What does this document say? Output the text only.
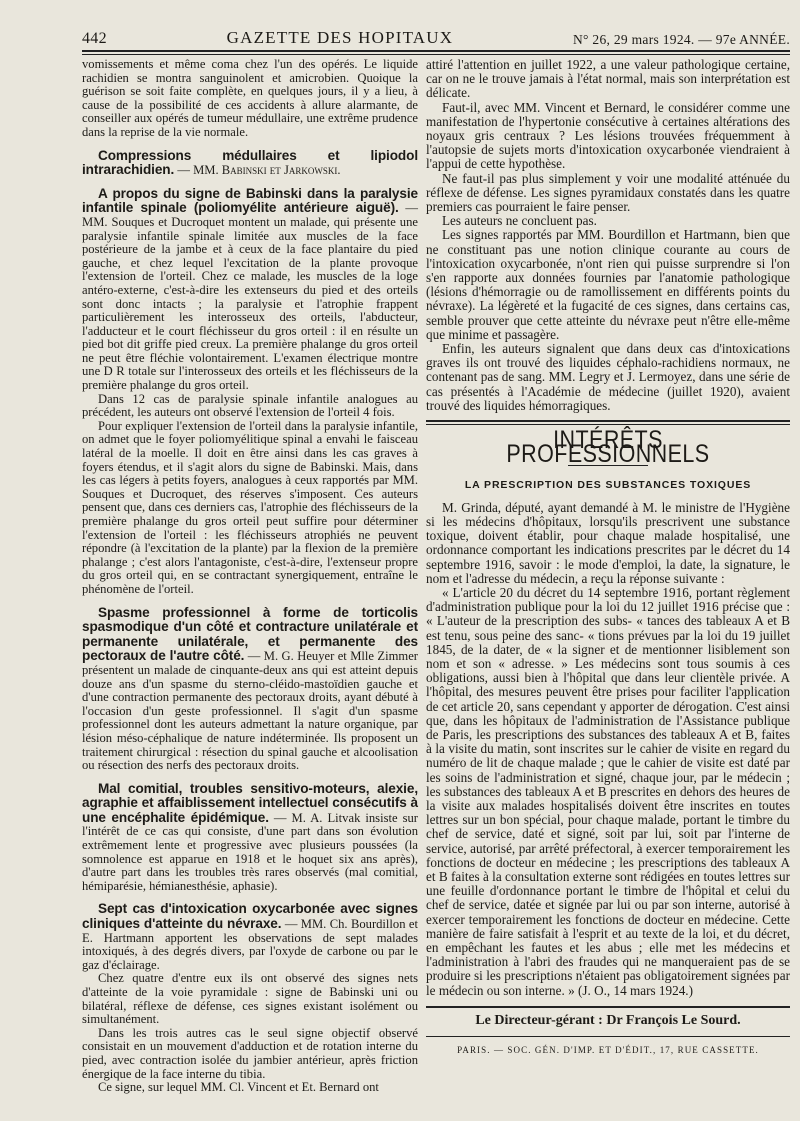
442	GAZETTE DES HOPITAUX	N° 26, 29 mars 1924. — 97e ANNÉE.

vomissements et même coma chez l'un des opérés. Le liquide rachidien se montra sanguinolent et amicrobien. Quoique la guérison se soit faite complète, en quelques jours, il y a lieu, à cause de la possibilité de ces accidents à allure alarmante, de conseiller aux opérés de tumeur médullaire, une extrême prudence dans la reprise de la vie normale.

Compressions médullaires et lipiodol intrarachidien. — MM. Babinski et Jarkowski.

A propos du signe de Babinski dans la paralysie infantile spinale (poliomyélite antérieure aiguë). — MM. Souques et Ducroquet montent un malade, qui présente une paralysie infantile spinale limitée aux muscles de la face postérieure de la jambe et à ceux de la face plantaire du pied gauche, et chez lequel l'excitation de la plante provoque l'extension de l'orteil. Chez ce malade, les muscles de la loge antéro-externe, c'est-à-dire les extenseurs du pied et des orteils sont donc intacts ; la paralysie et l'atrophie frappent particulièrement les interosseux des orteils, l'abducteur, l'adducteur et le court fléchisseur du gros orteil : il en résulte un pied bot dit griffe pied creux. La première phalange du gros orteil ne peut être fléchie volontairement. L'examen électrique montre une D R totale sur l'interosseux des orteils et les fléchisseurs de la première phalange du gros orteil.

Dans 12 cas de paralysie spinale infantile analogues au précédent, les auteurs ont observé l'extension de l'orteil 4 fois.

Pour expliquer l'extension de l'orteil dans la paralysie infantile, on admet que le foyer poliomyélitique spinal a envahi le faisceau latéral de la moelle. Il doit en être ainsi dans les cas graves à foyers étendus, et il s'agit alors du signe de Babinski. Mais, dans les cas légers à petits foyers, analogues à ceux rapportés par MM. Souques et Ducroquet, des réserves s'imposent. Ces auteurs pensent que, dans ces derniers cas, l'atrophie des fléchisseurs de la première phalange du gros orteil peut suffire pour déterminer l'extension de l'orteil : les fléchisseurs atrophiés ne peuvent répondre (à l'excitation de la plante) par la flexion de la première phalange ; c'est alors l'antagoniste, c'est-à-dire, l'extenseur propre du gros orteil qui, en se contractant synergiquement, entraîne le phénomène de l'orteil.

Spasme professionnel à forme de torticolis spasmodique d'un côté et contracture unilatérale et permanente unilatérale, et permanente des pectoraux de l'autre côté. — M. G. Heuyer et Mlle Zimmer présentent un malade de cinquante-deux ans qui est atteint depuis douze ans d'un spasme du sterno-cléido-mastoïdien gauche et d'une contraction permanente des pectoraux droits, ayant débuté à l'occasion d'un geste professionnel. Il s'agit d'un spasme professionnel dont les auteurs admettant la nature organique, par lésion méso-céphalique de nature indéterminée. Ils proposent un traitement chirurgical : résection du spinal gauche et alcoolisation ou résection des nerfs des pectoraux droits.

Mal comitial, troubles sensitivo-moteurs, alexie, agraphie et affaiblissement intellectuel consécutifs à une encéphalite épidémique. — M. A. Litvak insiste sur l'intérêt de ce cas qui consiste, d'une part dans son évolution extrêmement lente et progressive avec plusieurs poussées (la somnolence est apparue en 1918 et le hoquet six ans après), d'autre part dans les troubles très rares observés (mal comitial, hémiparésie, hémianesthésie, aphasie).

Sept cas d'intoxication oxycarbonée avec signes cliniques d'atteinte du névraxe. — MM. Ch. Bourdillon et E. Hartmann apportent les observations de sept malades intoxiqués, à des degrés divers, par l'oxyde de carbone ou par le gaz d'éclairage.

Chez quatre d'entre eux ils ont observé des signes nets d'atteinte de la voie pyramidale : signe de Babinski uni ou bilatéral, réflexe de défense, ces signes existant isolément ou simultanément.

Dans les trois autres cas le seul signe objectif observé consistait en un mouvement d'adduction et de rotation interne du pied, avec contraction isolée du jambier antérieur, après friction énergique de la face interne du tibia.

Ce signe, sur lequel MM. Cl. Vincent et Et. Bernard ont

attiré l'attention en juillet 1922, a une valeur pathologique certaine, car on ne le trouve jamais à l'état normal, mais son interprétation est délicate.

Faut-il, avec MM. Vincent et Bernard, le considérer comme une manifestation de l'hypertonie consécutive à certaines altérations des noyaux gris centraux ? Les lésions trouvées fréquemment à l'autopsie de sujets morts d'intoxication oxycarbonée viendraient à l'appui de cette hypothèse.

Ne faut-il pas plus simplement y voir une modalité atténuée du réflexe de défense. Les signes pyramidaux constatés dans les quatre premiers cas pourraient le faire penser.

Les auteurs ne concluent pas.

Les signes rapportés par MM. Bourdillon et Hartmann, bien que ne constituant pas une notion clinique courante au cours de l'intoxication oxycarbonée, n'ont rien qui puisse surprendre si l'on s'en rapporte aux données fournies par l'anatomie pathologique (lésions d'hémorragie ou de ramollissement en différents points du névraxe). La légèreté et la fugacité de ces signes, dans certains cas, semble prouver que cette atteinte du névraxe peut n'être elle-même que minime et passagère.

Enfin, les auteurs signalent que dans deux cas d'intoxications graves ils ont trouvé des liquides céphalo-rachidiens normaux, ne contenant pas de sang. MM. Legry et J. Lermoyez, dans une série de cas présentés à l'Académie de médecine (juillet 1920), avaient trouvé des liquides hémorragiques.

INTÉRÊTS PROFESSIONNELS
LA PRESCRIPTION DES SUBSTANCES TOXIQUES

M. Grinda, député, ayant demandé à M. le ministre de l'Hygiène si les médecins d'hôpitaux, lorsqu'ils prescrivent une substance toxique, doivent établir, pour chaque malade hospitalisé, une ordonnance comportant les indications prescrites par le décret du 14 septembre 1916, savoir : le mode d'emploi, la date, la signature, le nom et l'adresse du médecin, a reçu la réponse suivante :

« L'article 20 du décret du 14 septembre 1916, portant règlement d'administration publique pour la loi du 12 juillet 1916 précise que : « L'auteur de la prescription des subs- « tances des tableaux A et B est tenu, sous peine des sanc- « tions prévues par la loi du 19 juillet 1845, de la dater, de « la signer et de mentionner lisiblement son nom et son « adresse. » Les médecins sont tous soumis à ces obligations, aussi bien à l'hôpital que dans leur clientèle privée. A l'hôpital, des mesures peuvent être prises pour faciliter l'application de cet article 20, sans cependant y apporter de dérogation. C'est ainsi que, dans les hôpitaux de l'administration de l'Assistance publique de Paris, les prescriptions des substances des tableaux A et B, faites à la visite du matin, sont inscrites sur le cahier de visite en regard du numéro de lit de chaque malade ; que le cahier de visite est daté par les soins de l'administration et signé, chaque jour, par le médecin ; les substances des tableaux A et B prescrites en dehors des heures de la visite aux malades hospitalisés doivent être inscrites en toutes lettres sur un bon spécial, pour chaque malade, portant le timbre du chef de service, daté et signé, soit par lui, soit par l'interne de service, autorisé, par arrêté préfectoral, à exercer temporairement les fonctions de docteur en médecine ; les prescriptions des tableaux A et B faites à la consultation externe sont rédigées en toutes lettres sur une feuille d'ordonnance portant le timbre de l'hôpital et celui du chef de service, datée et signée par lui ou par son interne, autorisé à exercer temporairement les fonctions de docteur en médecine. Cette manière de faire satisfait à l'esprit et au texte de la loi, et du décret, en empêchant les fautes et les abus ; elle met les médecins et l'administration à l'abri des fraudes qui ne manqueraient pas de se produire si les prescriptions n'étaient pas obligatoirement signées par le médecin ou son interne. » (J. O., 14 mars 1924.)

Le Directeur-gérant : Dr François Le Sourd.
PARIS. — SOC. GÉN. D'IMP. ET D'ÉDIT., 17, RUE CASSETTE.
